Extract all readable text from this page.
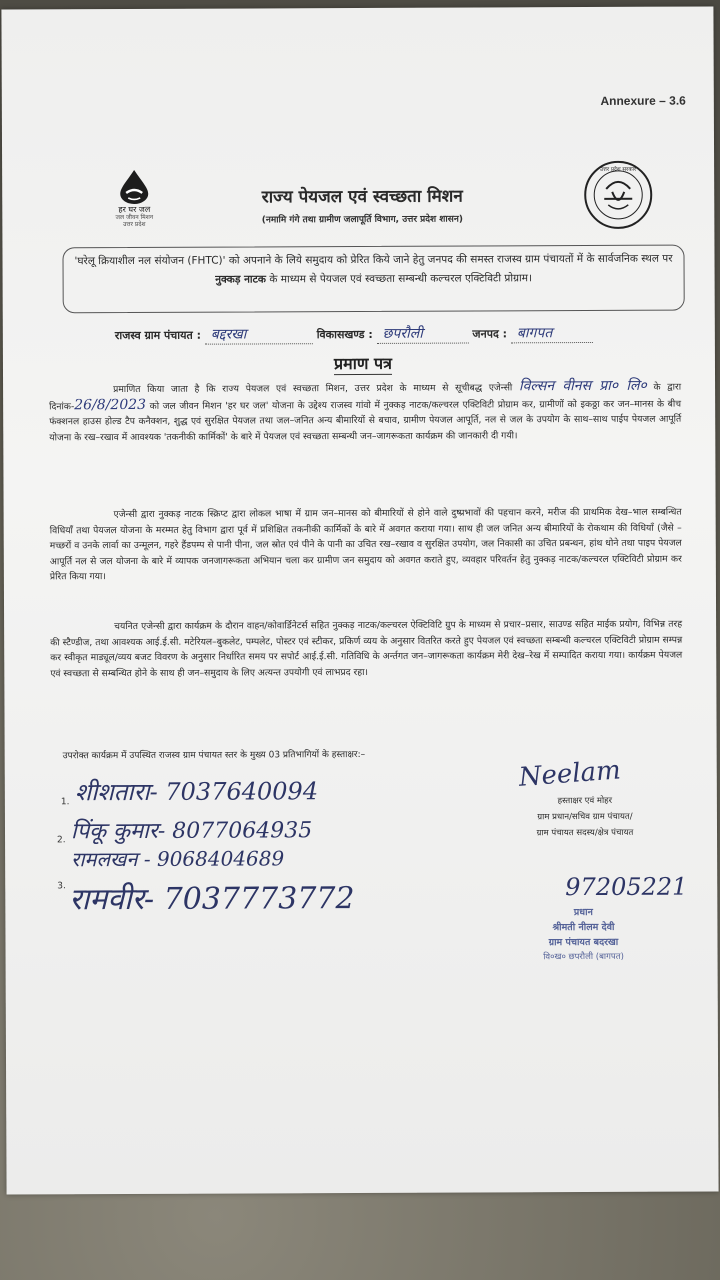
Annexure – 3.6
हर घर जल
जल जीवन मिशन
उत्तर प्रदेश
उत्तर प्रदेश सरकार
राज्य पेयजल एवं स्वच्छता मिशन
(नमामि गंगे तथा ग्रामीण जलापूर्ति विभाग, उत्तर प्रदेश शासन)
'घरेलू क्रियाशील नल संयोजन (FHTC)' को अपनाने के लिये समुदाय को प्रेरित किये जाने हेतु जनपद की समस्त राजस्व ग्राम पंचायतों में के सार्वजनिक स्थल पर नुक्कड़ नाटक के माध्यम से पेयजल एवं स्वच्छता सम्बन्धी कल्चरल एक्टिविटी प्रोग्राम।
राजस्व ग्राम पंचायत : बद्दरखा	विकासखण्ड : छपरौली	जनपद : बागपत
प्रमाण पत्र
प्रमाणित किया जाता है कि राज्य पेयजल एवं स्वच्छता मिशन, उत्तर प्रदेश के माध्यम से सूचीबद्ध एजेन्सी विल्सन वीनस प्रा० लि० के द्वारा दिनांक-26/8/2023 को जल जीवन मिशन 'हर घर जल' योजना के उद्देश्य राजस्व गांवो में नुक्कड़ नाटक/कल्चरल एक्टिविटी प्रोग्राम कर, ग्रामीणों को इकठ्ठा कर जन–मानस के बीच फंक्शनल हाउस होल्ड टैप कनैक्शन, शुद्ध एवं सुरक्षित पेयजल तथा जल–जनित अन्य बीमारियों से बचाव, ग्रामीण पेयजल आपूर्ति, नल से जल के उपयोग के साथ–साथ पाईप पेयजल आपूर्ति योजना के रख–रखाव में आवश्यक 'तकनीकी कार्मिकों' के बारे में पेयजल एवं स्वच्छता सम्बन्धी जन–जागरूकता कार्यक्रम की जानकारी दी गयी।
एजेन्सी द्वारा नुक्कड़ नाटक स्क्रिप्ट द्वारा लोकल भाषा में ग्राम जन–मानस को बीमारियों से होने वाले दुष्प्रभावों की पहचान करने, मरीज की प्राथमिक देख–भाल सम्बन्धित विधियाँ तथा पेयजल योजना के मरम्मत हेतु विभाग द्वारा पूर्व में प्रशिक्षित तकनीकी कार्मिकों के बारे में अवगत कराया गया। साथ ही जल जनित अन्य बीमारियों के रोकथाम की विधियाँ (जैसे –मच्छरों व उनके लार्वा का उन्मूलन, गहरे हैंडपम्प से पानी पीना, जल स्रोत एवं पीने के पानी का उचित रख–रखाव व सुरक्षित उपयोग, जल निकासी का उचित प्रबन्धन, हांथ धोने तथा पाइप पेयजल आपूर्ति नल से जल योजना के बारे में व्यापक जनजागरूकता अभियान चला कर ग्रामीण जन समुदाय को अवगत कराते हुए, व्यवहार परिवर्तन हेतु नुक्कड़ नाटक/कल्चरल एक्टिविटी प्रोग्राम कर प्रेरित किया गया।
चयनित एजेन्सी द्वारा कार्यक्रम के दौरान वाहन/कोवार्डिनेटर्स सहित नुक्कड़ नाटक/कल्चरल ऐक्टिविटि ग्रुप के माध्यम से प्रचार–प्रसार, साउण्ड सहित माईक प्रयोग, विभिन्न तरह की स्टैण्डीज, तथा आवश्यक आई.ई.सी. मटेरियल–बुकलेट, पम्पलेट, पोस्टर एवं स्टीकर, प्रकिर्ण व्यय के अनुसार वितरित करते हुए पेयजल एवं स्वच्छता सम्बन्धी कल्चरल एक्टिविटी प्रोग्राम सम्पन्न कर स्वीकृत माड्यूल/व्यय बजट विवरण के अनुसार निर्धारित समय पर सपोर्ट आई.ई.सी. गतिविधि के अर्न्तगत जन–जागरूकता कार्यक्रम मेरी देख–रेख में सम्पादित कराया गया। कार्यक्रम पेयजल एवं स्वच्छता से सम्बन्धित होने के साथ ही जन–समुदाय के लिए अत्यन्त उपयोगी एवं लाभप्रद रहा।
उपरोक्त कार्यक्रम में उपस्थित राजस्व ग्राम पंचायत स्तर के मुख्य 03 प्रतिभागियों के हस्ताक्षर:–
1. शीशतारा- 7037640094
2. पिंकू कुमार- 8077064935
रामलखन - 9068404689
3. रामवीर- 7037773772
Neelam
हस्ताक्षर एवं मोहर
ग्राम प्रधान/सचिव ग्राम पंचायत/
ग्राम पंचायत सदस्य/क्षेत्र पंचायत
97205221
प्रधान
श्रीमती नीलम देवी
ग्राम पंचायत बदरखा
वि०ख० छपरौली (बागपत)
